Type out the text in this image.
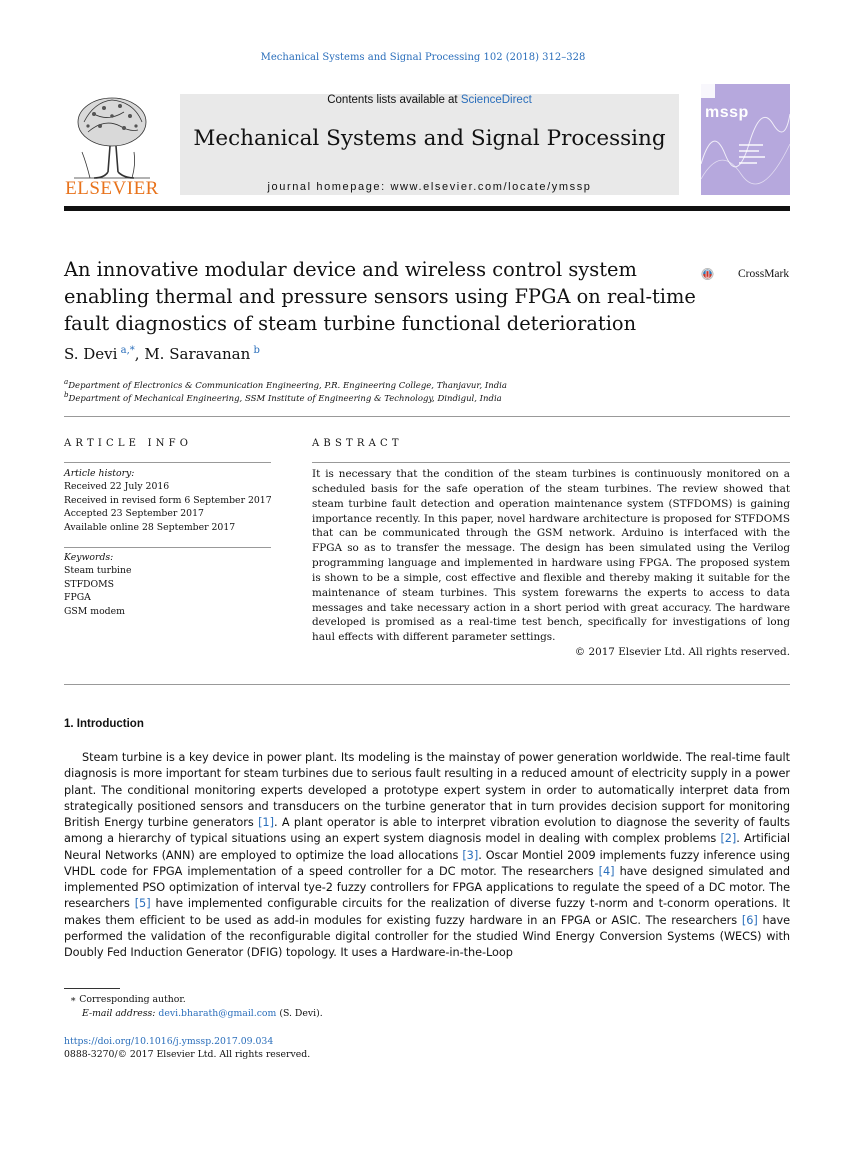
Mechanical Systems and Signal Processing 102 (2018) 312–328
ELSEVIER
Contents lists available at ScienceDirect
Mechanical Systems and Signal Processing
journal homepage: www.elsevier.com/locate/ymssp
mssp
An innovative modular device and wireless control system enabling thermal and pressure sensors using FPGA on real-time fault diagnostics of steam turbine functional deterioration
CrossMark
S. Devi $^{a,*}$, M. Saravanan $^b$
$^a$Department of Electronics & Communication Engineering, P.R. Engineering College, Thanjavur, India
$^b$Department of Mechanical Engineering, SSM Institute of Engineering & Technology, Dindigul, India
ARTICLE INFO	ABSTRACT
Article history:
Received 22 July 2016
Received in revised form 6 September 2017
Accepted 23 September 2017
Available online 28 September 2017
Keywords:
Steam turbine
STFDOMS
FPGA
GSM modem
It is necessary that the condition of the steam turbines is continuously monitored on a scheduled basis for the safe operation of the steam turbines. The review showed that steam turbine fault detection and operation maintenance system (STFDOMS) is gaining importance recently. In this paper, novel hardware architecture is proposed for STFDOMS that can be communicated through the GSM network. Arduino is interfaced with the FPGA so as to transfer the message. The design has been simulated using the Verilog programming language and implemented in hardware using FPGA. The proposed system is shown to be a simple, cost effective and flexible and thereby making it suitable for the maintenance of steam turbines. This system forewarns the experts to access to data messages and take necessary action in a short period with great accuracy. The hardware developed is promised as a real-time test bench, specifically for investigations of long haul effects with different parameter settings.
© 2017 Elsevier Ltd. All rights reserved.
1. Introduction
Steam turbine is a key device in power plant. Its modeling is the mainstay of power generation worldwide. The real-time fault diagnosis is more important for steam turbines due to serious fault resulting in a reduced amount of electricity supply in a power plant. The conditional monitoring experts developed a prototype expert system in order to automatically interpret data from strategically positioned sensors and transducers on the turbine generator that in turn provides decision support for monitoring British Energy turbine generators [1]. A plant operator is able to interpret vibration evolution to diagnose the severity of faults among a hierarchy of typical situations using an expert system diagnosis model in dealing with complex problems [2]. Artificial Neural Networks (ANN) are employed to optimize the load allocations [3]. Oscar Montiel 2009 implements fuzzy inference using VHDL code for FPGA implementation of a speed controller for a DC motor. The researchers [4] have designed simulated and implemented PSO optimization of interval tye-2 fuzzy controllers for FPGA applications to regulate the speed of a DC motor. The researchers [5] have implemented configurable circuits for the realization of diverse fuzzy t-norm and t-conorm operations. It makes them efficient to be used as add-in modules for existing fuzzy hardware in an FPGA or ASIC. The researchers [6] have performed the validation of the reconfigurable digital controller for the studied Wind Energy Conversion Systems (WECS) with Doubly Fed Induction Generator (DFIG) topology. It uses a Hardware-in-the-Loop
∗ Corresponding author.
E-mail address: devi.bharath@gmail.com (S. Devi).
https://doi.org/10.1016/j.ymssp.2017.09.034
0888-3270/© 2017 Elsevier Ltd. All rights reserved.
